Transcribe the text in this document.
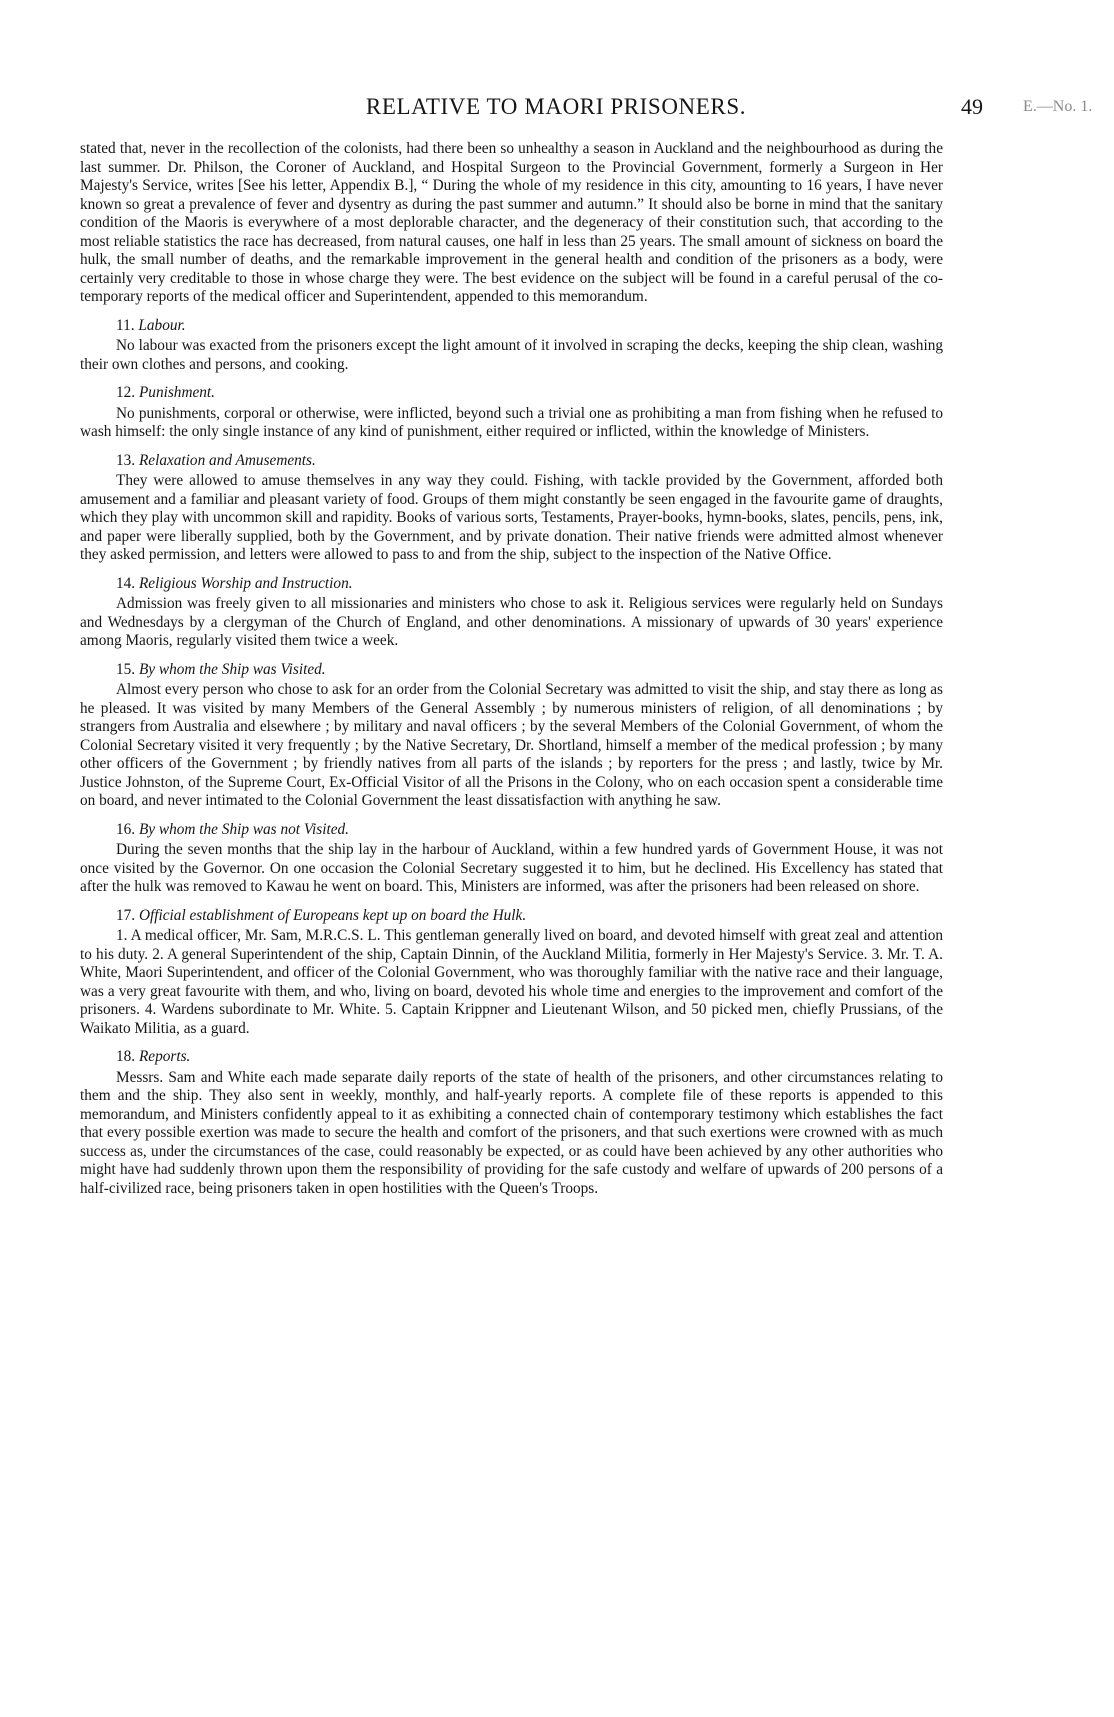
RELATIVE TO MAORI PRISONERS.	49	E.—No. 1.

stated that, never in the recollection of the colonists, had there been so unhealthy a season in Auckland and the neighbourhood as during the last summer. Dr. Philson, the Coroner of Auckland, and Hospital Surgeon to the Provincial Government, formerly a Surgeon in Her Majesty's Service, writes [See his letter, Appendix B.], “ During the whole of my residence in this city, amounting to 16 years, I have never known so great a prevalence of fever and dysentry as during the past summer and autumn.” It should also be borne in mind that the sanitary condition of the Maoris is everywhere of a most deplorable character, and the degeneracy of their constitution such, that according to the most reliable statistics the race has decreased, from natural causes, one half in less than 25 years. The small amount of sickness on board the hulk, the small number of deaths, and the remarkable improvement in the general health and condition of the prisoners as a body, were certainly very creditable to those in whose charge they were. The best evidence on the subject will be found in a careful perusal of the co-temporary reports of the medical officer and Superintendent, appended to this memorandum.

11. Labour.

No labour was exacted from the prisoners except the light amount of it involved in scraping the decks, keeping the ship clean, washing their own clothes and persons, and cooking.

12. Punishment.

No punishments, corporal or otherwise, were inflicted, beyond such a trivial one as prohibiting a man from fishing when he refused to wash himself: the only single instance of any kind of punishment, either required or inflicted, within the knowledge of Ministers.

13. Relaxation and Amusements.

They were allowed to amuse themselves in any way they could. Fishing, with tackle provided by the Government, afforded both amusement and a familiar and pleasant variety of food. Groups of them might constantly be seen engaged in the favourite game of draughts, which they play with uncommon skill and rapidity. Books of various sorts, Testaments, Prayer-books, hymn-books, slates, pencils, pens, ink, and paper were liberally supplied, both by the Government, and by private donation. Their native friends were admitted almost whenever they asked permission, and letters were allowed to pass to and from the ship, subject to the inspection of the Native Office.

14. Religious Worship and Instruction.

Admission was freely given to all missionaries and ministers who chose to ask it. Religious services were regularly held on Sundays and Wednesdays by a clergyman of the Church of England, and other denominations. A missionary of upwards of 30 years' experience among Maoris, regularly visited them twice a week.

15. By whom the Ship was Visited.

Almost every person who chose to ask for an order from the Colonial Secretary was admitted to visit the ship, and stay there as long as he pleased. It was visited by many Members of the General Assembly ; by numerous ministers of religion, of all denominations ; by strangers from Australia and elsewhere ; by military and naval officers ; by the several Members of the Colonial Government, of whom the Colonial Secretary visited it very frequently ; by the Native Secretary, Dr. Shortland, himself a member of the medical profession ; by many other officers of the Government ; by friendly natives from all parts of the islands ; by reporters for the press ; and lastly, twice by Mr. Justice Johnston, of the Supreme Court, Ex-Official Visitor of all the Prisons in the Colony, who on each occasion spent a considerable time on board, and never intimated to the Colonial Government the least dissatisfaction with anything he saw.

16. By whom the Ship was not Visited.

During the seven months that the ship lay in the harbour of Auckland, within a few hundred yards of Government House, it was not once visited by the Governor. On one occasion the Colonial Secretary suggested it to him, but he declined. His Excellency has stated that after the hulk was removed to Kawau he went on board. This, Ministers are informed, was after the prisoners had been released on shore.

17. Official establishment of Europeans kept up on board the Hulk.

1. A medical officer, Mr. Sam, M.R.C.S. L. This gentleman generally lived on board, and devoted himself with great zeal and attention to his duty. 2. A general Superintendent of the ship, Captain Dinnin, of the Auckland Militia, formerly in Her Majesty's Service. 3. Mr. T. A. White, Maori Superintendent, and officer of the Colonial Government, who was thoroughly familiar with the native race and their language, was a very great favourite with them, and who, living on board, devoted his whole time and energies to the improvement and comfort of the prisoners. 4. Wardens subordinate to Mr. White. 5. Captain Krippner and Lieutenant Wilson, and 50 picked men, chiefly Prussians, of the Waikato Militia, as a guard.

18. Reports.

Messrs. Sam and White each made separate daily reports of the state of health of the prisoners, and other circumstances relating to them and the ship. They also sent in weekly, monthly, and half-yearly reports. A complete file of these reports is appended to this memorandum, and Ministers confidently appeal to it as exhibiting a connected chain of contemporary testimony which establishes the fact that every possible exertion was made to secure the health and comfort of the prisoners, and that such exertions were crowned with as much success as, under the circumstances of the case, could reasonably be expected, or as could have been achieved by any other authorities who might have had suddenly thrown upon them the responsibility of providing for the safe custody and welfare of upwards of 200 persons of a half-civilized race, being prisoners taken in open hostilities with the Queen's Troops.
